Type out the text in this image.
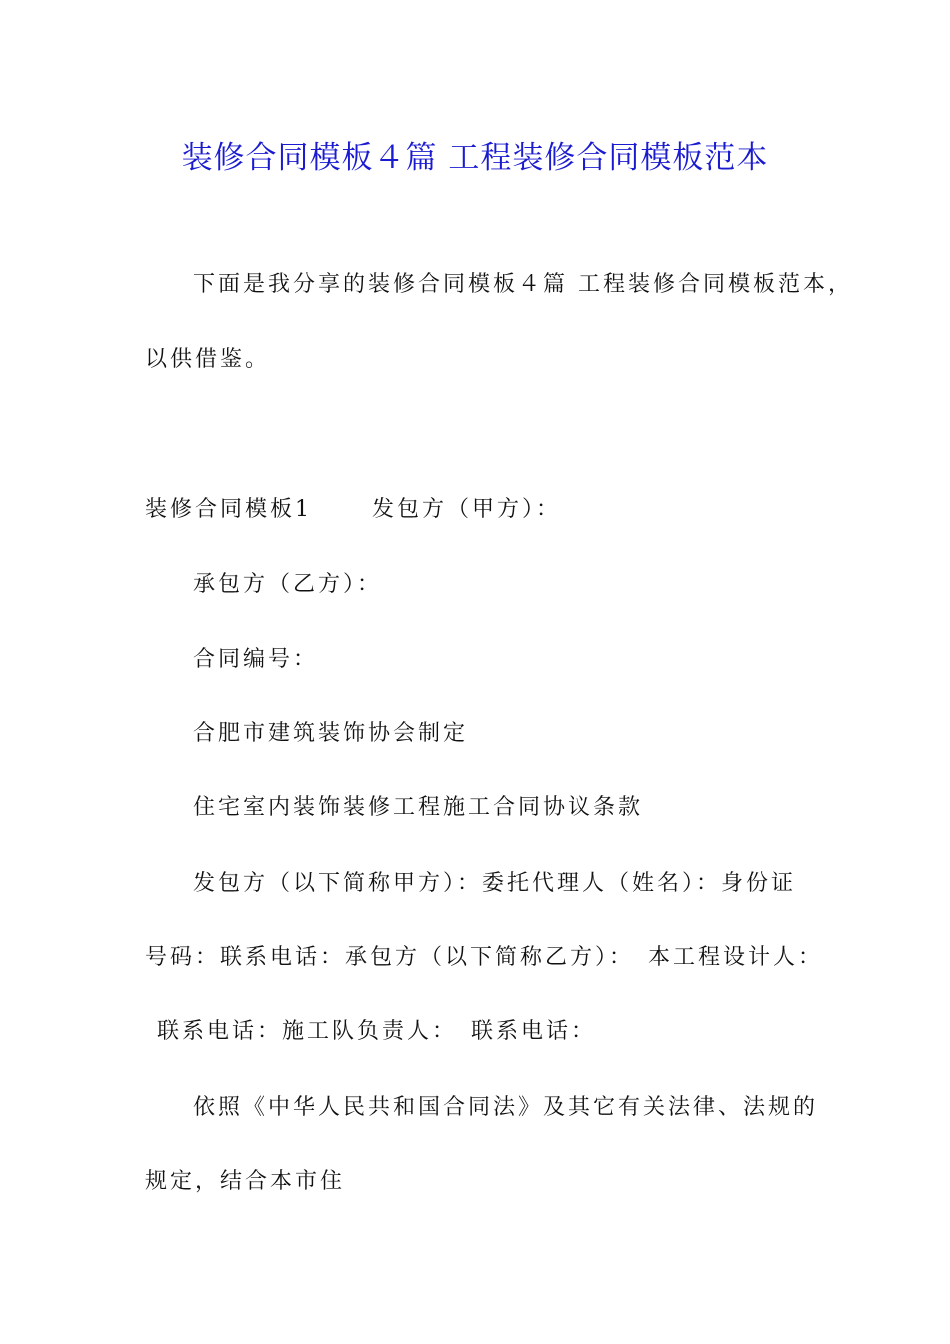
装修合同模板４篇 工程装修合同模板范本
下面是我分享的装修合同模板４篇 工程装修合同模板范本，
以供借鉴。
装修合同模板1　　 发包方（甲方）：
承包方（乙方）：
合同编号：
合肥市建筑装饰协会制定
住宅室内装饰装修工程施工合同协议条款
发包方（以下简称甲方）：委托代理人（姓名）：身份证
号码：联系电话：承包方（以下简称乙方）：　本工程设计人：
联系电话：施工队负责人：　联系电话：
依照《中华人民共和国合同法》及其它有关法律、法规的
规定，结合本市住
